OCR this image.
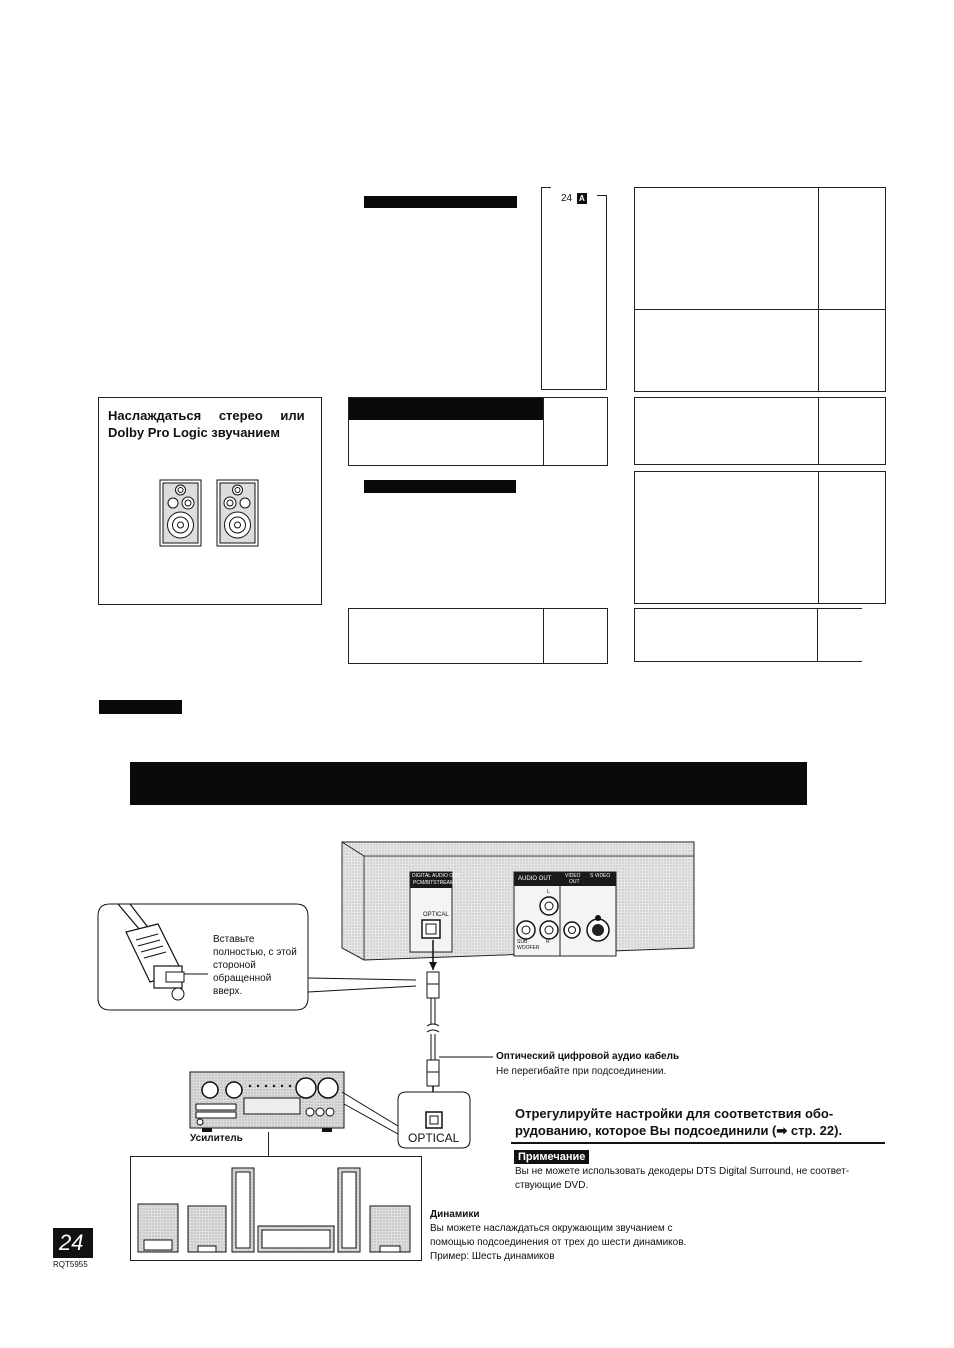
24 A
Наслаждаться стерео или
Dolby Pro Logic звучанием
DIGITAL AUDIO OUT
PCM/BITSTREAM
OPTICAL
AUDIO OUT	VIDEO S VIDEO
OUT
L
SUB
WOOFER
R
Вставьте
полностью, с этой
стороной
обращенной
вверх.
Оптический цифровой аудио кабель
Не перегибайте при подсоединении.
Усилитель	OPTICAL
Динамики
Вы можете наслаждаться окружающим звучанием с
помощью подсоединения от трех до шести динамиков.
Пример: Шесть динамиков
Отрегулируйте настройки для соответствия обо-
рудованию, которое Вы подсоединили (➡ стр. 22).
Примечание
Вы не можете использовать декодеры DTS Digital Surround, не соответ-
ствующие DVD.
24
RQT5955
